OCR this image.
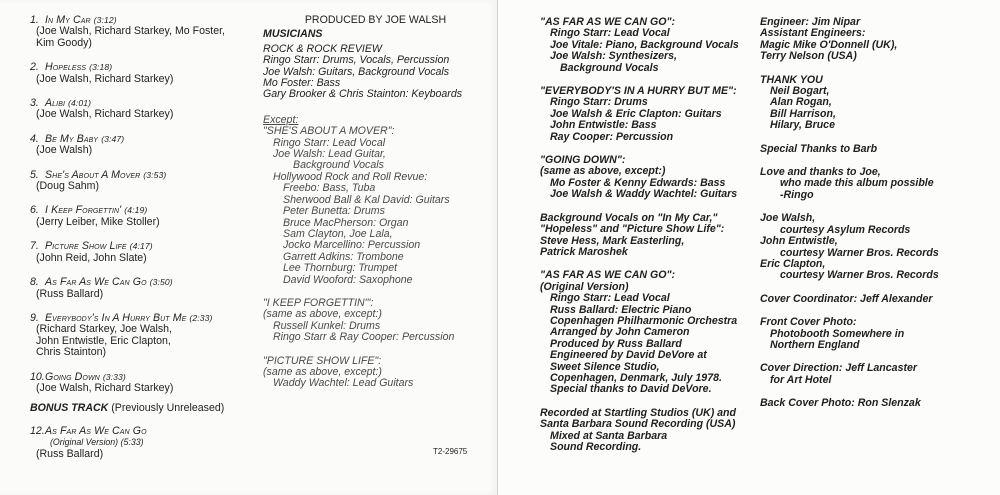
1. In My Car (3:12)
(Joe Walsh, Richard Starkey, Mo Foster,
Kim Goody)
2. Hopeless (3:18)
(Joe Walsh, Richard Starkey)
3. Alibi (4:01)
(Joe Walsh, Richard Starkey)
4. Be My Baby (3:47)
(Joe Walsh)
5. She's About A Mover (3:53)
(Doug Sahm)
6. I Keep Forgettin' (4:19)
(Jerry Leiber, Mike Stoller)
7. Picture Show Life (4:17)
(John Reid, John Slate)
8. As Far As We Can Go (3:50)
(Russ Ballard)
9. Everybody's In A Hurry But Me (2:33)
(Richard Starkey, Joe Walsh,
John Entwistle, Eric Clapton,
Chris Stainton)
10. Going Down (3:33)
(Joe Walsh, Richard Starkey)
BONUS TRACK (Previously Unreleased)
12. As Far As We Can Go
(Original Version) (5:33)
(Russ Ballard)
PRODUCED BY JOE WALSH
MUSICIANS
ROCK & ROCK REVIEW
Ringo Starr: Drums, Vocals, Percussion
Joe Walsh: Guitars, Background Vocals
Mo Foster: Bass
Gary Brooker & Chris Stainton: Keyboards
Except:
"SHE'S ABOUT A MOVER":
Ringo Starr: Lead Vocal
Joe Walsh: Lead Guitar,
Background Vocals
Hollywood Rock and Roll Revue:
Freebo: Bass, Tuba
Sherwood Ball & Kal David: Guitars
Peter Bunetta: Drums
Bruce MacPherson: Organ
Sam Clayton, Joe Lala,
Jocko Marcellino: Percussion
Garrett Adkins: Trombone
Lee Thornburg: Trumpet
David Wooford: Saxophone
"I KEEP FORGETTIN'":
(same as above, except:)
Russell Kunkel: Drums
Ringo Starr & Ray Cooper: Percussion
"PICTURE SHOW LIFE":
(same as above, except:)
Waddy Wachtel: Lead Guitars
T2-29675
"AS FAR AS WE CAN GO":
Ringo Starr: Lead Vocal
Joe Vitale: Piano, Background Vocals
Joe Walsh: Synthesizers,
Background Vocals
"EVERYBODY'S IN A HURRY BUT ME":
Ringo Starr: Drums
Joe Walsh & Eric Clapton: Guitars
John Entwistle: Bass
Ray Cooper: Percussion
"GOING DOWN":
(same as above, except:)
Mo Foster & Kenny Edwards: Bass
Joe Walsh & Waddy Wachtel: Guitars
Background Vocals on "In My Car,"
"Hopeless" and "Picture Show Life":
Steve Hess, Mark Easterling,
Patrick Maroshek
"AS FAR AS WE CAN GO":
(Original Version)
Ringo Starr: Lead Vocal
Russ Ballard: Electric Piano
Copenhagen Philharmonic Orchestra
Arranged by John Cameron
Produced by Russ Ballard
Engineered by David DeVore at
Sweet Silence Studio,
Copenhagen, Denmark, July 1978.
Special thanks to David DeVore.
Recorded at Startling Studios (UK) and
Santa Barbara Sound Recording (USA)
Mixed at Santa Barbara
Sound Recording.
Engineer: Jim Nipar
Assistant Engineers:
Magic Mike O'Donnell (UK),
Terry Nelson (USA)
THANK YOU
Neil Bogart,
Alan Rogan,
Bill Harrison,
Hilary, Bruce
Special Thanks to Barb
Love and thanks to Joe,
who made this album possible
-Ringo
Joe Walsh,
courtesy Asylum Records
John Entwistle,
courtesy Warner Bros. Records
Eric Clapton,
courtesy Warner Bros. Records
Cover Coordinator: Jeff Alexander
Front Cover Photo:
Photobooth Somewhere in
Northern England
Cover Direction: Jeff Lancaster
for Art Hotel
Back Cover Photo: Ron Slenzak
